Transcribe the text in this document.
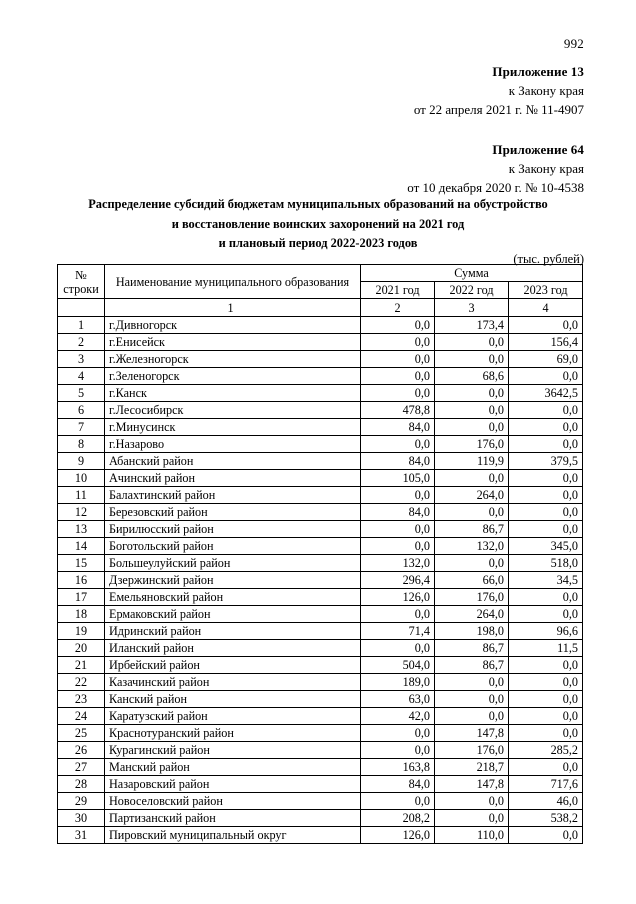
992
Приложение 13
к Закону края
от 22 апреля 2021 г. № 11-4907
Приложение 64
к Закону края
от 10 декабря 2020 г. № 10-4538
Распределение субсидий бюджетам муниципальных образований на обустройство
и восстановление воинских захоронений на 2021 год
и плановый период 2022-2023 годов
(тыс. рублей)
№
строки	Наименование муниципального образования	Сумма		
		2021 год	2022 год	2023 год
	1	2	3	4
1	г.Дивногорск	0,0	173,4	0,0
2	г.Енисейск	0,0	0,0	156,4
3	г.Железногорск	0,0	0,0	69,0
4	г.Зеленогорск	0,0	68,6	0,0
5	г.Канск	0,0	0,0	3642,5
6	г.Лесосибирск	478,8	0,0	0,0
7	г.Минусинск	84,0	0,0	0,0
8	г.Назарово	0,0	176,0	0,0
9	Абанский район	84,0	119,9	379,5
10	Ачинский район	105,0	0,0	0,0
11	Балахтинский район	0,0	264,0	0,0
12	Березовский район	84,0	0,0	0,0
13	Бирилюсский район	0,0	86,7	0,0
14	Боготольский район	0,0	132,0	345,0
15	Большеулуйский район	132,0	0,0	518,0
16	Дзержинский район	296,4	66,0	34,5
17	Емельяновский район	126,0	176,0	0,0
18	Ермаковский район	0,0	264,0	0,0
19	Идринский район	71,4	198,0	96,6
20	Иланский район	0,0	86,7	11,5
21	Ирбейский район	504,0	86,7	0,0
22	Казачинский район	189,0	0,0	0,0
23	Канский район	63,0	0,0	0,0
24	Каратузский район	42,0	0,0	0,0
25	Краснотуранский район	0,0	147,8	0,0
26	Курагинский район	0,0	176,0	285,2
27	Манский район	163,8	218,7	0,0
28	Назаровский район	84,0	147,8	717,6
29	Новоселовский район	0,0	0,0	46,0
30	Партизанский район	208,2	0,0	538,2
31	Пировский муниципальный округ	126,0	110,0	0,0
